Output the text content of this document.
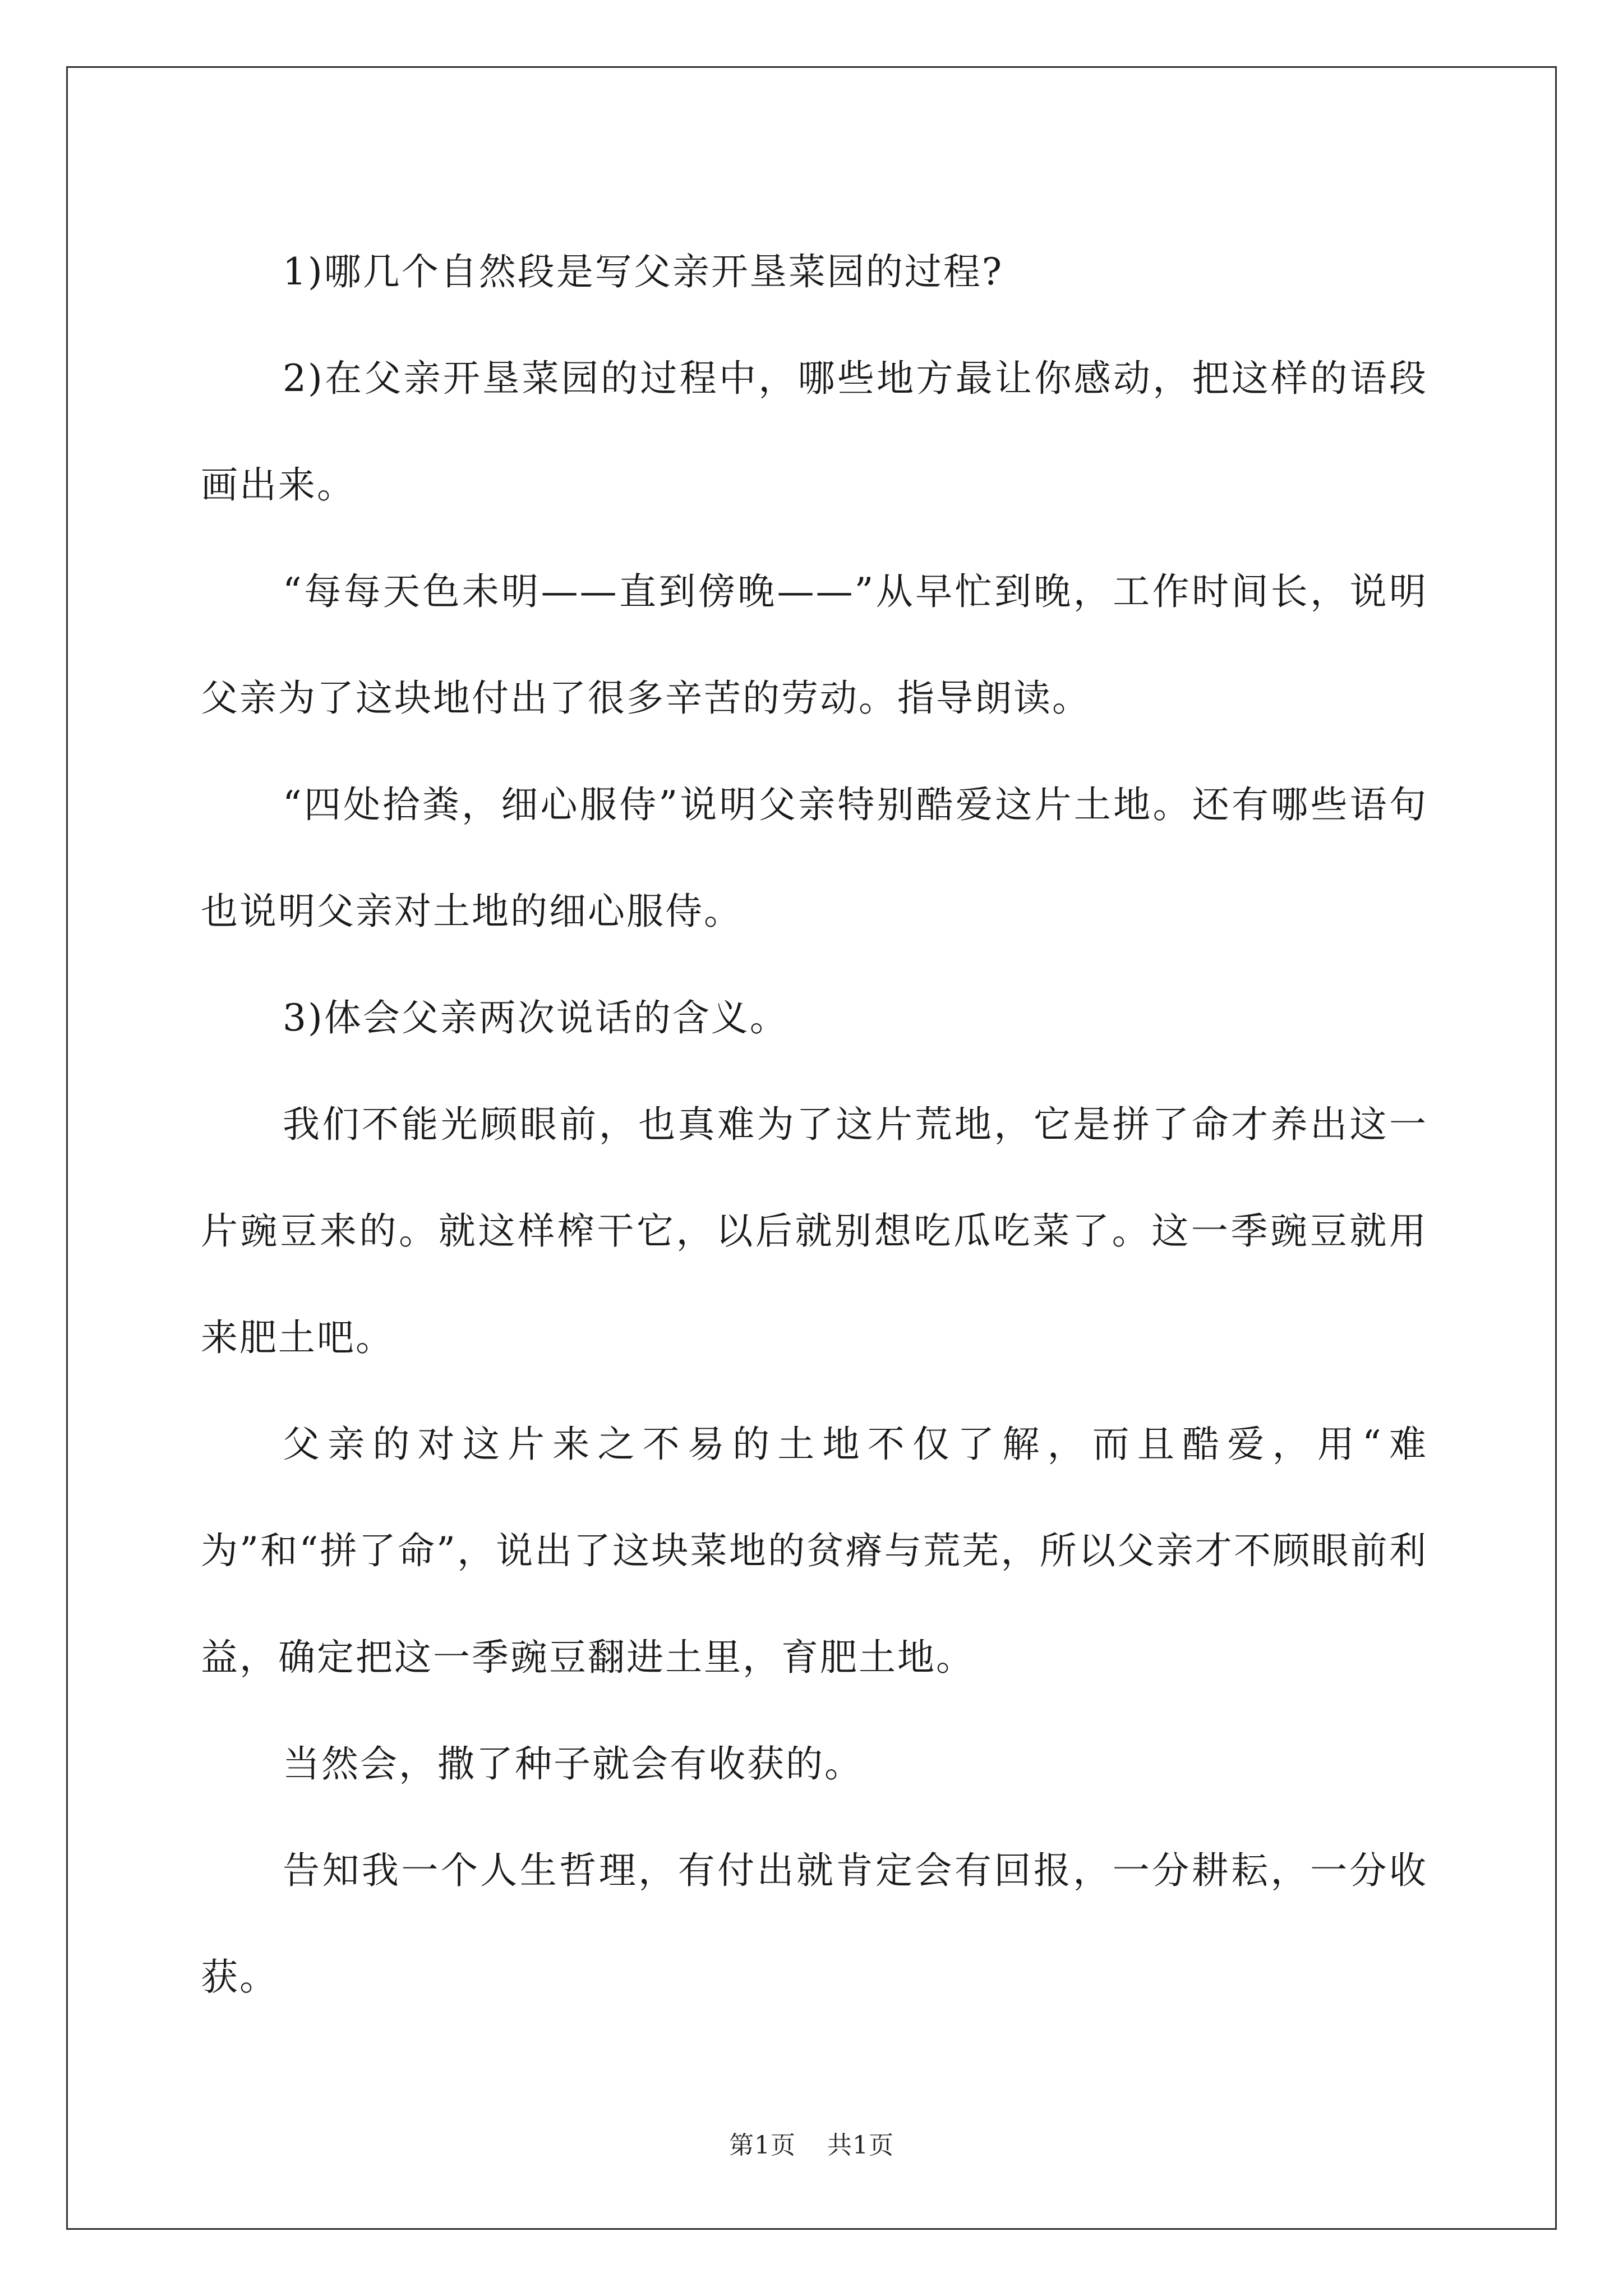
1)哪几个自然段是写父亲开垦菜园的过程?

2)在父亲开垦菜园的过程中，哪些地方最让你感动，把这样的语段画出来。

“每每天色未明——直到傍晚——”从早忙到晚，工作时间长，说明父亲为了这块地付出了很多辛苦的劳动。指导朗读。

“四处拾粪，细心服侍”说明父亲特别酷爱这片土地。还有哪些语句也说明父亲对土地的细心服侍。

3)体会父亲两次说话的含义。

我们不能光顾眼前，也真难为了这片荒地，它是拼了命才养出这一片豌豆来的。就这样榨干它，以后就别想吃瓜吃菜了。这一季豌豆就用来肥土吧。

父亲的对这片来之不易的土地不仅了解，而且酷爱，用“难为”和“拼了命”，说出了这块菜地的贫瘠与荒芜，所以父亲才不顾眼前利益，确定把这一季豌豆翻进土里，育肥土地。

当然会，撒了种子就会有收获的。

告知我一个人生哲理，有付出就肯定会有回报，一分耕耘，一分收获。

第1页 共1页
